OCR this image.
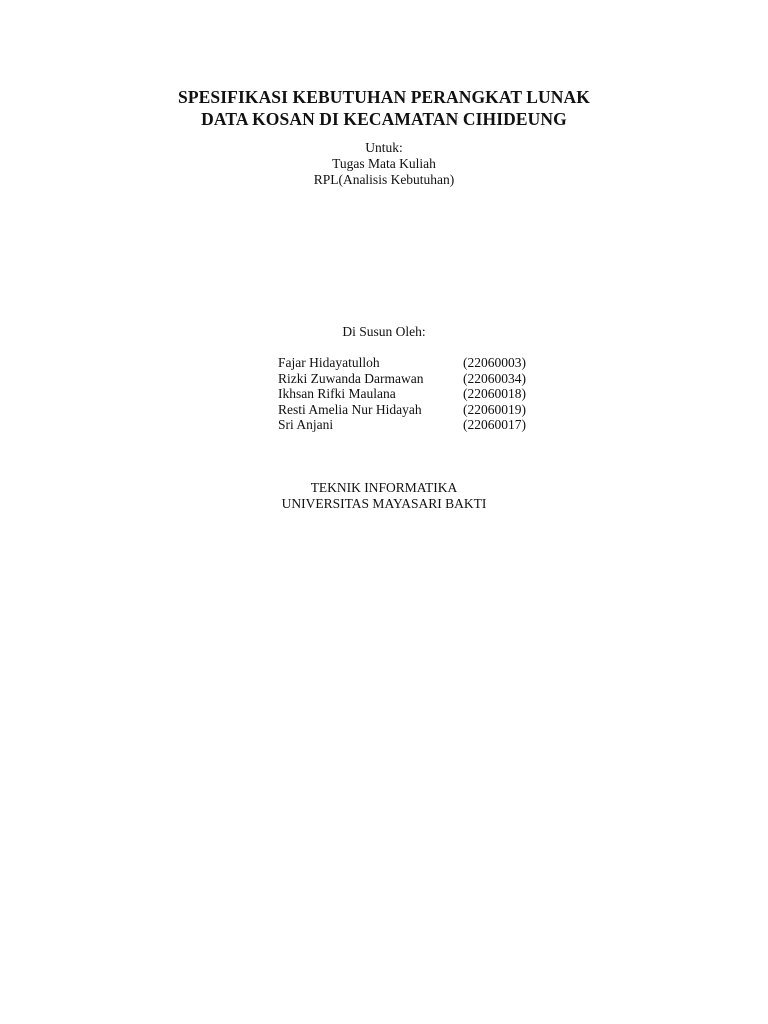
SPESIFIKASI KEBUTUHAN PERANGKAT LUNAK
DATA KOSAN DI KECAMATAN CIHIDEUNG
Untuk:
Tugas Mata Kuliah
RPL(Analisis Kebutuhan)
Di Susun Oleh:
Fajar Hidayatulloh	(22060003)
Rizki Zuwanda Darmawan	(22060034)
Ikhsan Rifki Maulana	(22060018)
Resti Amelia Nur Hidayah	(22060019)
Sri Anjani	(22060017)
TEKNIK INFORMATIKA
UNIVERSITAS MAYASARI BAKTI
